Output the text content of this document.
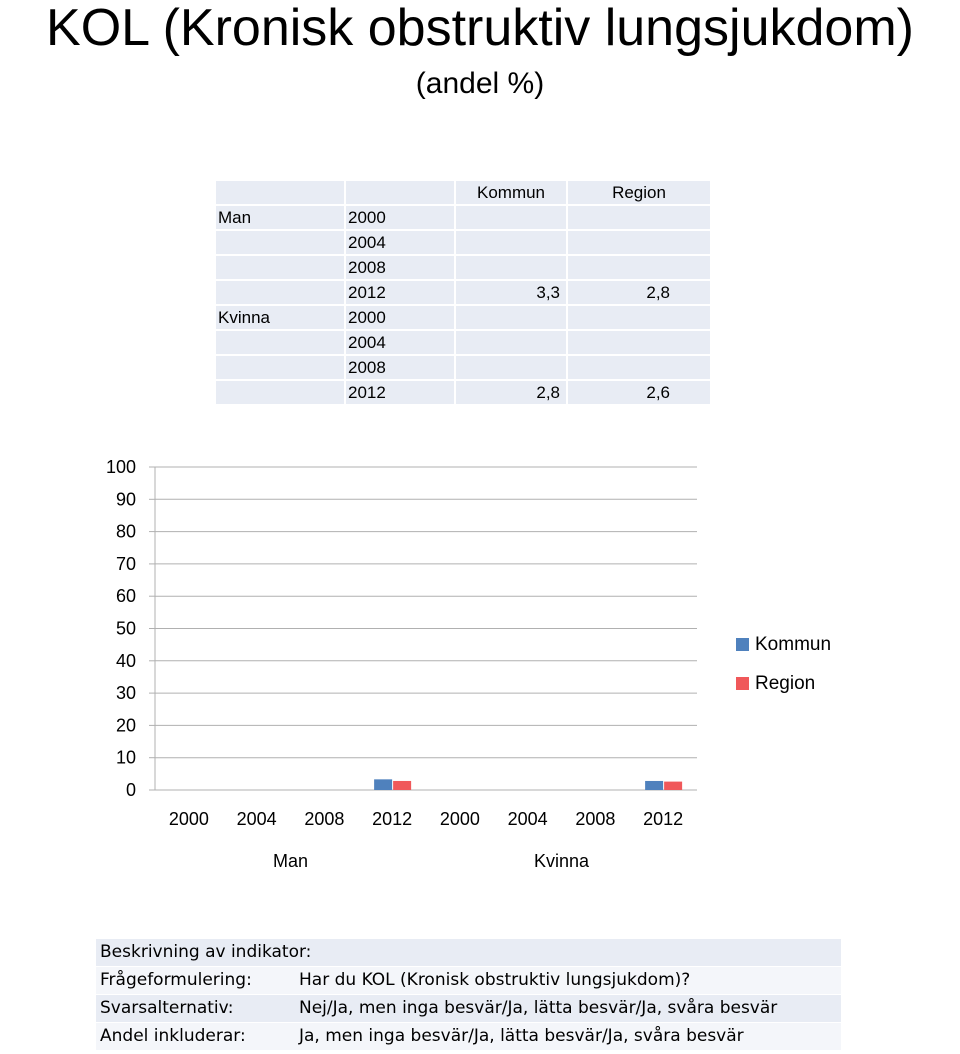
KOL (Kronisk obstruktiv lungsjukdom)
(andel %)
		Kommun	Region
Man	2000		
	2004		
	2008		
	2012	3,3	2,8
Kvinna	2000		
	2004		
	2008		
	2012	2,8	2,6
0
10
20
30
40
50
60
70
80
90
100
2000 2004 2008 2012 2000 2004 2008 2012
Man	Kvinna
Kommun
Region
Beskrivning av indikator:
Frågeformulering:	Har du KOL (Kronisk obstruktiv lungsjukdom)?
Svarsalternativ:	Nej/Ja, men inga besvär/Ja, lätta besvär/Ja, svåra besvär
Andel inkluderar:	Ja, men inga besvär/Ja, lätta besvär/Ja, svåra besvär
